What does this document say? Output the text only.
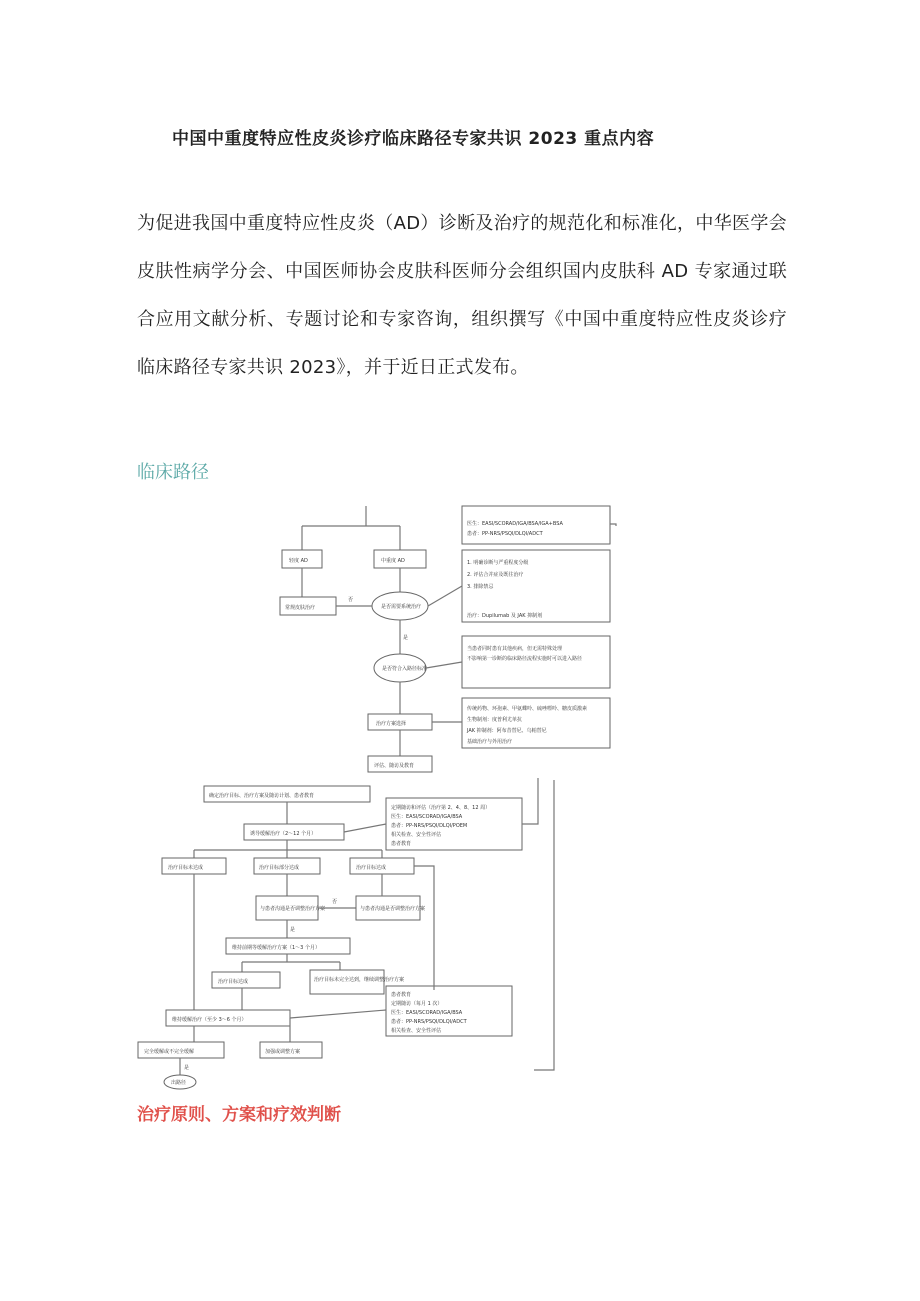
中国中重度特应性皮炎诊疗临床路径专家共识 2023 重点内容

为促进我国中重度特应性皮炎（AD）诊断及治疗的规范化和标准化，中华医学会皮肤性病学分会、中国医师协会皮肤科医师分会组织国内皮肤科 AD 专家通过联合应用文献分析、专题讨论和专家咨询，组织撰写《中国中重度特应性皮炎诊疗临床路径专家共识 2023》，并于近日正式发布。

临床路径
轻度 AD	中重度 AD
常规皮肤治疗	是否需要系统治疗
否
是
是否符合入路径标准
治疗方案选择
评估、随访及教育
医生：EASI/SCORAD/IGA/BSA/IGA+BSA
患者：PP-NRS/PSQI/DLQI/ADCT
1. 明确诊断与严重程度分级
2. 评估合并症及既往治疗
3. 排除禁忌
治疗：Dupilumab 及 JAK 抑制剂
当患者同时患有其他疾病，但无需特殊处理
不影响第一诊断的临床路径流程实施时可以进入路径
传统药物、环孢素、甲氨蝶呤、硫唑嘌呤、糖皮质激素
生物制剂：度普利尤单抗
JAK 抑制剂：阿布昔替尼、乌帕替尼
基础治疗与外用治疗
确定治疗目标、治疗方案及随访计划、患者教育
诱导缓解治疗（2～12 个月）
治疗目标未达成	治疗目标部分达成	治疗目标达成
与患者沟通是否调整治疗方案
否
与患者沟通是否调整治疗方案
是
维持前期等缓解治疗方案（1～3 个月）
治疗目标达成	治疗目标未完全达到，继续调整治疗方案
维持缓解治疗（至少 3～6 个月）
完全缓解或不完全缓解	加强或调整方案
是
出路径
定期随访和评估（治疗第 2、4、8、12 周）
医生：EASI/SCORAD/IGA/BSA
患者：PP-NRS/PSQI/DLQI/POEM
相关检查、安全性评估
患者教育
患者教育
定期随访（每月 1 次）
医生：EASI/SCORAD/IGA/BSA
患者：PP-NRS/PSQI/DLQI/ADCT
相关检查、安全性评估
治疗原则、方案和疗效判断
